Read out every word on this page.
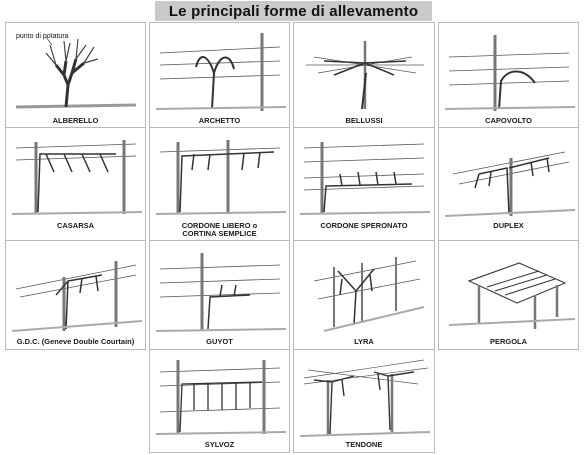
Le principali forme di allevamento
punto di potatura
ALBERELLO	ARCHETTO	BELLUSSI	CAPOVOLTO
CASARSA	CORDONE LIBERO o
CORTINA SEMPLICE
CORDONE SPERONATO	DUPLEX
G.D.C. (Geneve Double Courtain)	GUYOT	LYRA	PERGOLA
SYLVOZ	TENDONE
